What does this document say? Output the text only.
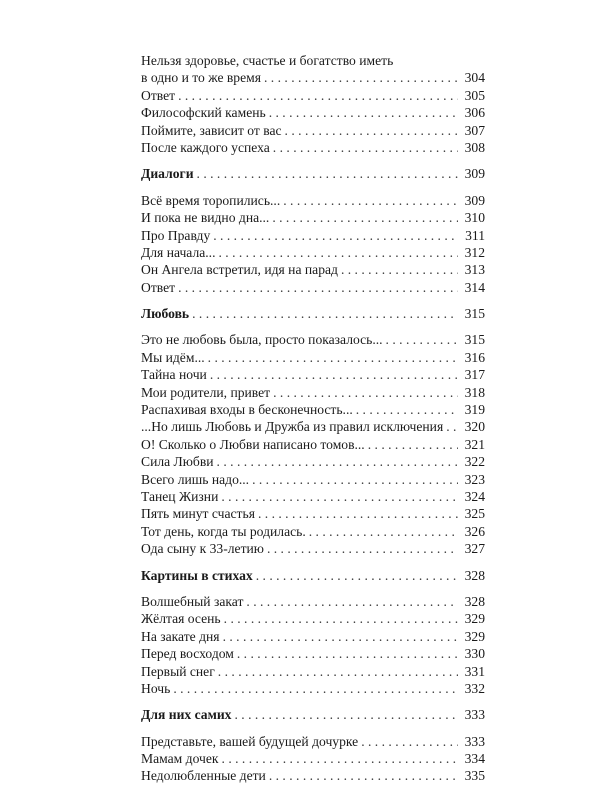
Нельзя здоровье, счастье и богатство иметь
в одно и то же время . . .	304
Ответ . . .	305
Философский камень . . .	306
Поймите, зависит от вас . . .	307
После каждого успеха . . .	308
Диалоги . . .	309
Всё время торопились... . . .	309
И пока не видно дна... . . .	310
Про Правду . . .	311
Для начала... . . .	312
Он Ангела встретил, идя на парад . . .	313
Ответ . . .	314
Любовь . . .	315
Это не любовь была, просто показалось... . . .	315
Мы идём... . . .	316
Тайна ночи . . .	317
Мои родители, привет . . .	318
Распахивая входы в бесконечность... . . .	319
...Но лишь Любовь и Дружба из правил исключения . . . 320
О! Сколько о Любви написано томов... . . .	321
Сила Любви . . .	322
Всего лишь надо... . . .	323
Танец Жизни . . .	324
Пять минут счастья . . .	325
Тот день, когда ты родилась. . . .	326
Ода сыну к 33-летию . . .	327
Картины в стихах . . .	328
Волшебный закат . . .	328
Жёлтая осень . . .	329
На закате дня . . .	329
Перед восходом . . .	330
Первый снег . . .	331
Ночь . . .	332
Для них самих . . .	333
Представьте, вашей будущей дочурке . . .	333
Мамам дочек . . .	334
Недолюбленные дети . . .	335
